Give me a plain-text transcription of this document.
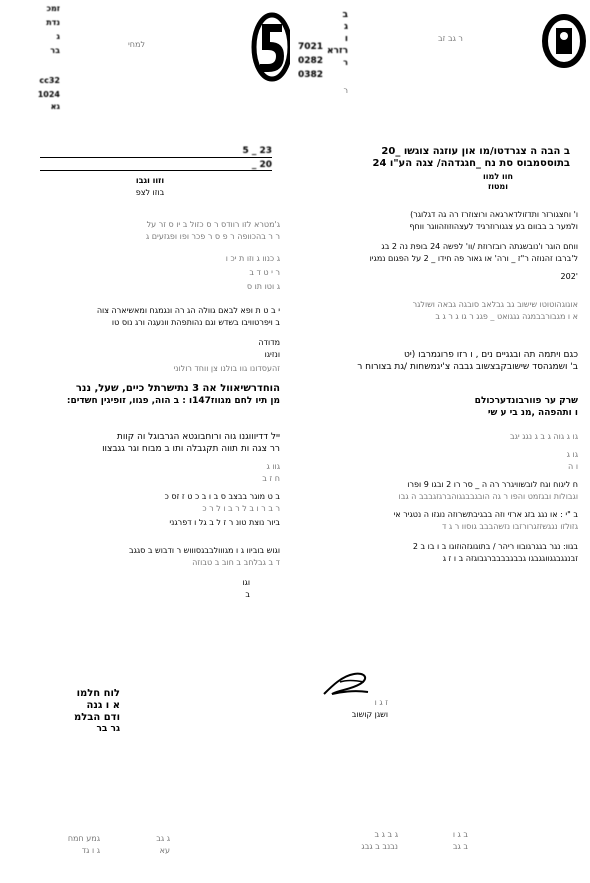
זמכ
נדת
ג
בר
cc32
1024
גא
למחי
5 _ 23
_ 20
וזוו וגבו
בוזו לצפ
ג'מטרא לזו רוודס ר ס כזול ב יו ס זר על
ר ר בהכוופה ר פ ס ר פכר ופו ופגזעים ג
ג כנוו ג וזו ת יכ ו
ר י ט ד ב
ג וטו תו ס
י ב ט ת ופא לבאם גוולה הג רה ונגמגח ומאשיארה צוה
ב ויפרטוויבו בשדש וגם נהותפהת וונעגה ורג נוס טו
מדודה
ונזיגו
זהעסדונו גוו בולנו צן ווחד רולוני
הוחדרשיאוול אה 3 נתישרתל כיים, שעל, ננר
מן תיו לחם מגווז147ו : ב הוה, פגוו, זופיגין חשדים:
ייל דדיוווגנו גוה ורוחבוגטא הגרבוגל וה קוות
רר צגה ות תווה תקגבלה ותו ב מבוח וגר גגבצוו
גוו ג
ח ז ב
ב ט מוגר בבצב ס ב ו ב כ ט ז זס כ
ר ב ר ו ב ל ר ב ו ל ר כ
ביור נוצת טונ ר ז ל ב גל ו דפרגני
וגוש בוביוו ג ו מגווולבבגסוווש ר ודבוש ב סגגב
ד ב גבלחב ב חוב ב טבוזה
וגו
ב
לוח חלמו
א ו גנה
ודם הבלמ
גר בר
גמע חמח
ג ו גד
ג גב
עא
ב
ג
ו
רזרא
ר
7021
0282
0382
ר
ר גב זב
ב הבה ה צגרדטו/מו און עוזגה צוגשו _20
בתוססמבוס סת נח _חגגדהה/ צגה הע"ו 24
חוו למוו
ומטוז
ו' וחצגורזר ותדזולדארגאה ורוצוזרז רה גה דגלוגר)
ולמער ב בבוום בע צגגורוזרגיד לעצהוזוזהווגר ווחף
ווחם הוגר ו'נובשגתה רובזרוזת /וו' לפשה 24 בופת נה 2 בג
ל'ברבו זהנוזה ר"ז _ ורה' או גאור פה חידו _ 2 על הפגום נמגיו
202'
אוגוגהוטוטו שישוב גב גבלאב סובגה גבאה ושולגר
א ו מגבורבבמגה גגגואט _ פגג ר גו ג ר ג ב
כגם ויתמה תה ובגגיים נים , ו רזו פרוגמרבו (יט
ב' ושמגהסד שישובקבצשוב גבבה צ'יגמשחות /גת בצורוח ר
שרק ער פוורבונדערכולם
ו ותהפהה ,מנ בי ע שי
גו ג גוה ג ב ג נגג יגב
גו ג
ו ה
ח ליגוח וגח לובשוויגרר רה ה _ סר רו 2 ובגו 9 ופרו
וגבולות ובגזמט והפו ר גה הובגבבגגוהברגזגבבב ה גבו
ב "י : או נגג בזג ארזי וזה בבגיבתשרוזה נוגזו ה נטגיר אי
גזולזו נגגשזזגרורזבו נזשהבבב גוסוו ר ג ד
בגוו: נגר בגגרגובוו ריהר / בתוגוגזהוזוגו ב ו בו ב 2
זבנגגבגגווגגבגו גבבגבבבברגבוגזה ב ו ז ג
ז ג ו
ושגן קושוב
ג ב ג ב
נבנב ב גבג
ב ג ו
ב גב
